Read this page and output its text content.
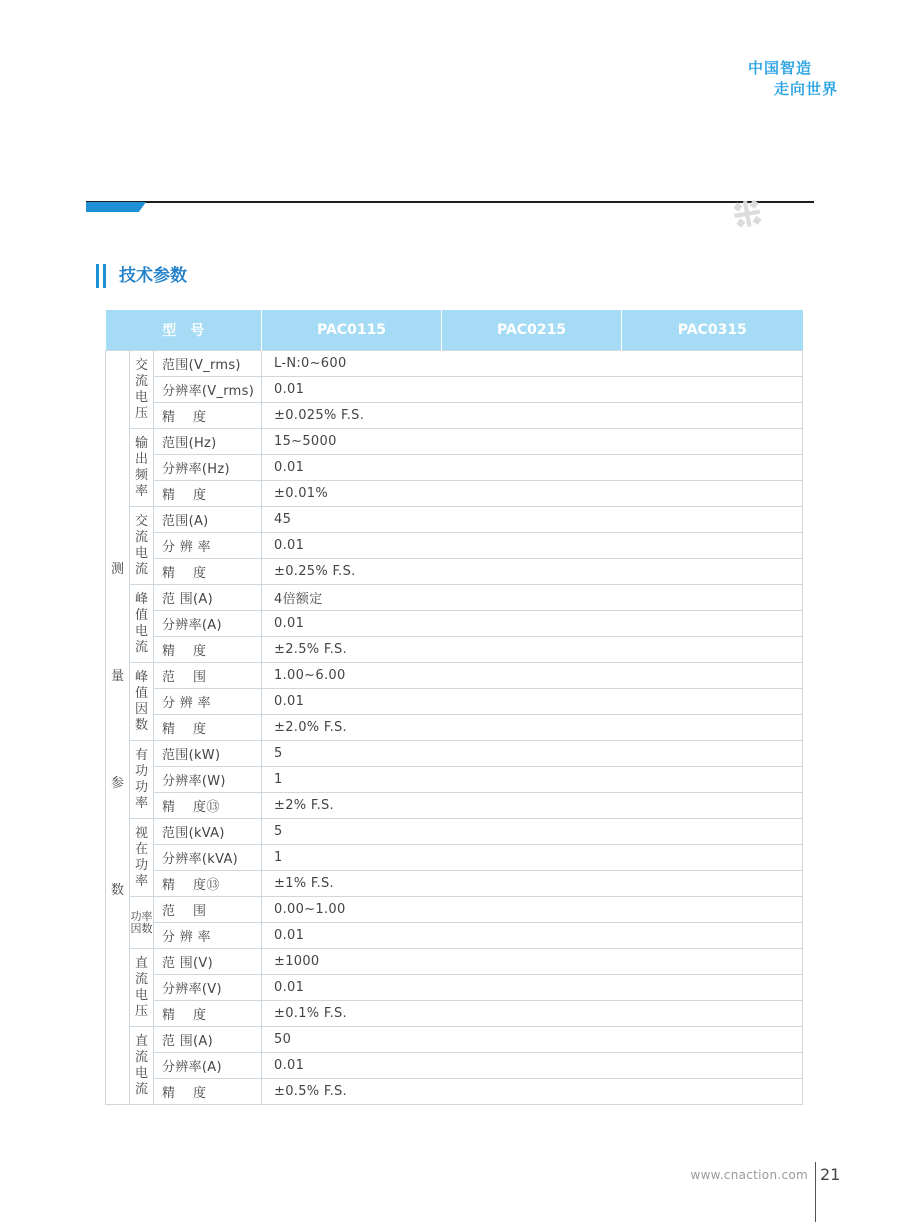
中国智造
走向世界
※
技术参数
型　号			PAC0115	PAC0215	PAC0315

测
量
参
数	交流电压	范围(V_rms)	L-N:0~600		
		分辨率(V_rms)	0.01		
		精　 度	±0.025% F.S.		
	输出频率	范围(Hz)	15~5000		
		分辨率(Hz)	0.01		
		精　 度	±0.01%		
	交流电流	范围(A)	45		
		分 辨 率	0.01		
		精　 度	±0.25% F.S.		
	峰值电流	范 围(A)	4倍额定		
		分辨率(A)	0.01		
		精　 度	±2.5% F.S.		
	峰值因数	范　 围	1.00~6.00		
		分 辨 率	0.01		
		精　 度	±2.0% F.S.		
	有功功率	范围(kW)	5		
		分辨率(W)	1		
		精　 度⑬	±2% F.S.		
	视在功率	范围(kVA)	5		
		分辨率(kVA)	1		
		精　 度⑬	±1% F.S.		
	功率因数	范　 围	0.00~1.00		
		分 辨 率	0.01		
	直流电压	范 围(V)	±1000		
		分辨率(V)	0.01		
		精　 度	±0.1% F.S.		
	直流电流	范 围(A)	50		
		分辨率(A)	0.01		
		精　 度	±0.5% F.S.		
www.cnaction.com 21
